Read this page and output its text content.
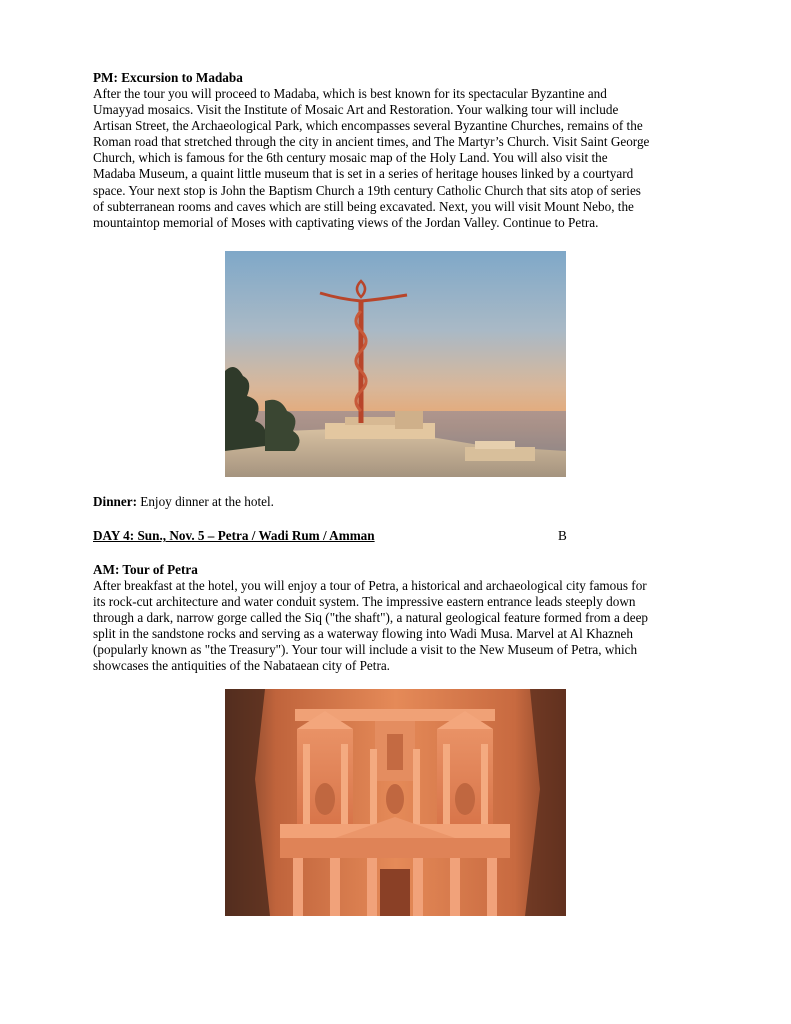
PM: Excursion to Madaba
After the tour you will proceed to Madaba, which is best known for its spectacular Byzantine and
Umayyad mosaics. Visit the Institute of Mosaic Art and Restoration. Your walking tour will include
Artisan Street, the Archaeological Park, which encompasses several Byzantine Churches, remains of the
Roman road that stretched through the city in ancient times, and The Martyr’s Church. Visit Saint George
Church, which is famous for the 6th century mosaic map of the Holy Land. You will also visit the
Madaba Museum, a quaint little museum that is set in a series of heritage houses linked by a courtyard
space. Your next stop is John the Baptism Church a 19th century Catholic Church that sits atop of series
of subterranean rooms and caves which are still being excavated. Next, you will visit Mount Nebo, the
mountaintop memorial of Moses with captivating views of the Jordan Valley. Continue to Petra.
Dinner: Enjoy dinner at the hotel.
DAY 4: Sun., Nov. 5 – Petra / Wadi Rum / Amman	B
AM: Tour of Petra
After breakfast at the hotel, you will enjoy a tour of Petra, a historical and archaeological city famous for
its rock-cut architecture and water conduit system. The impressive eastern entrance leads steeply down
through a dark, narrow gorge called the Siq ("the shaft"), a natural geological feature formed from a deep
split in the sandstone rocks and serving as a waterway flowing into Wadi Musa. Marvel at Al Khazneh
(popularly known as "the Treasury"). Your tour will include a visit to the New Museum of Petra, which
showcases the antiquities of the Nabataean city of Petra.
